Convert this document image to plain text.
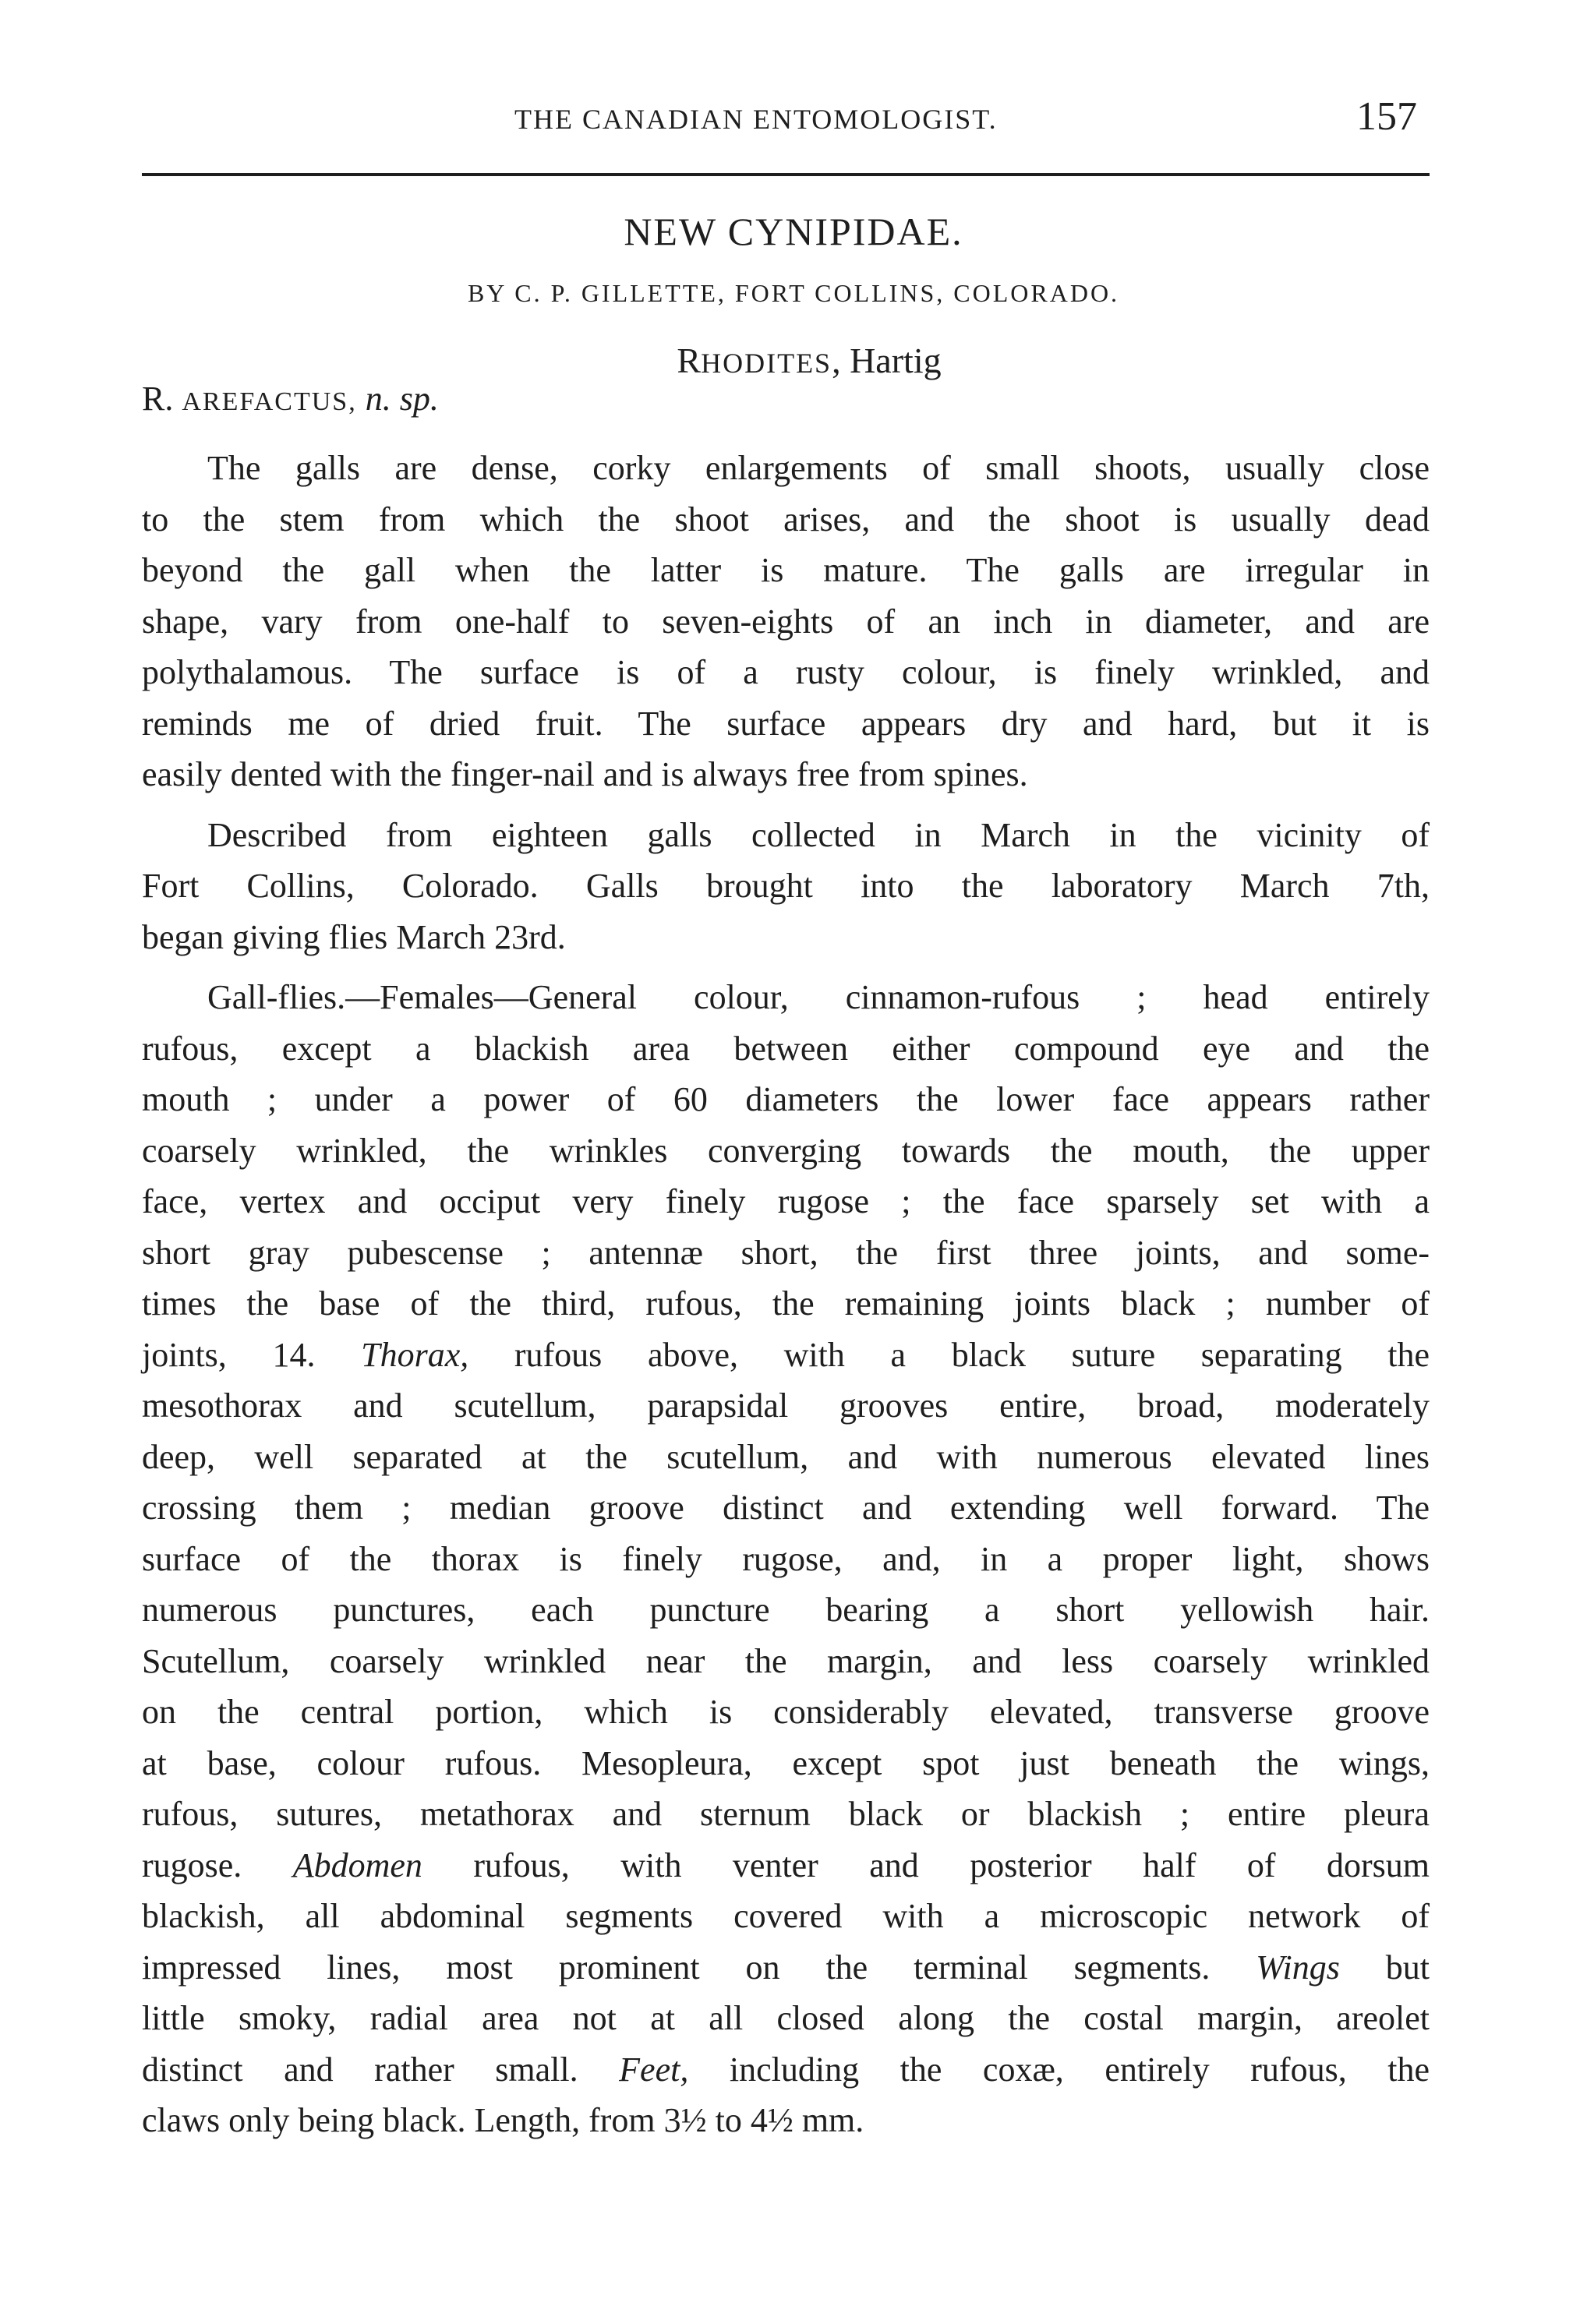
THE CANADIAN ENTOMOLOGIST.	157
NEW CYNIPIDAE.
BY C. P. GILLETTE, FORT COLLINS, COLORADO.
RHODITES, Hartig
R. AREFACTUS, n. sp.
The galls are dense, corky enlargements of small shoots, usually close
to the stem from which the shoot arises, and the shoot is usually dead
beyond the gall when the latter is mature. The galls are irregular in
shape, vary from one-half to seven-eights of an inch in diameter, and are
polythalamous. The surface is of a rusty colour, is finely wrinkled, and
reminds me of dried fruit. The surface appears dry and hard, but it is
easily dented with the finger-nail and is always free from spines.
Described from eighteen galls collected in March in the vicinity of
Fort Collins, Colorado. Galls brought into the laboratory March 7th,
began giving flies March 23rd.
Gall-flies.—Females—General colour, cinnamon-rufous ; head entirely
rufous, except a blackish area between either compound eye and the
mouth ; under a power of 60 diameters the lower face appears rather
coarsely wrinkled, the wrinkles converging towards the mouth, the upper
face, vertex and occiput very finely rugose ; the face sparsely set with a
short gray pubescense ; antennæ short, the first three joints, and some-
times the base of the third, rufous, the remaining joints black ; number of
joints, 14. Thorax, rufous above, with a black suture separating the
mesothorax and scutellum, parapsidal grooves entire, broad, moderately
deep, well separated at the scutellum, and with numerous elevated lines
crossing them ; median groove distinct and extending well forward. The
surface of the thorax is finely rugose, and, in a proper light, shows
numerous punctures, each puncture bearing a short yellowish hair.
Scutellum, coarsely wrinkled near the margin, and less coarsely wrinkled
on the central portion, which is considerably elevated, transverse groove
at base, colour rufous. Mesopleura, except spot just beneath the wings,
rufous, sutures, metathorax and sternum black or blackish ; entire pleura
rugose. Abdomen rufous, with venter and posterior half of dorsum
blackish, all abdominal segments covered with a microscopic network of
impressed lines, most prominent on the terminal segments. Wings but
little smoky, radial area not at all closed along the costal margin, areolet
distinct and rather small. Feet, including the coxæ, entirely rufous, the
claws only being black. Length, from 3½ to 4½ mm.
